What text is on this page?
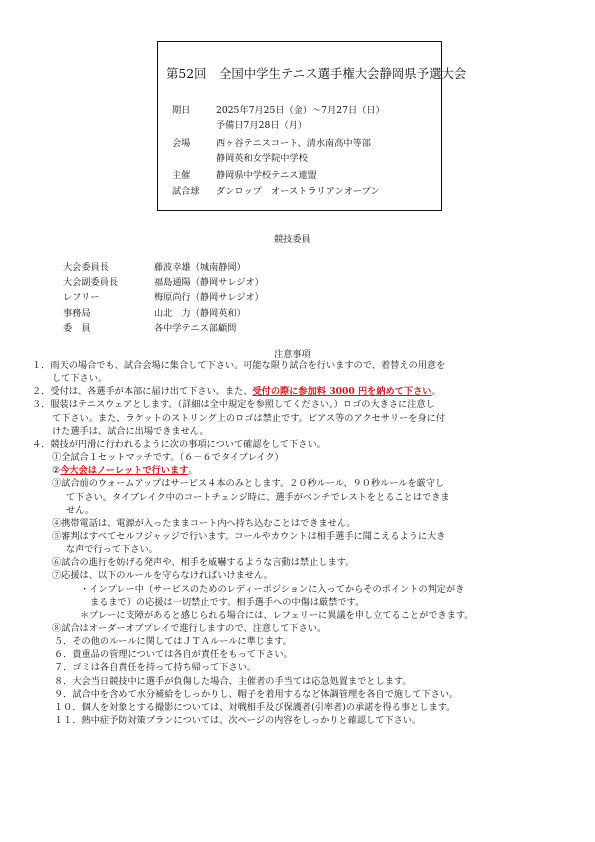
第52回　全国中学生テニス選手権大会静岡県予選大会
期日	2025年7月25日（金）～7月27日（日）
予備日7月28日（月）
会場	西ヶ谷テニスコート、清水南高中等部
静岡英和女学院中学校
主催	静岡県中学校テニス連盟
試合球 ダンロップ　オーストラリアンオープン
競技委員
大会委員長	藤波幸雄（城南静岡）
大会副委員長	福島通陽（静岡サレジオ）
レフリー	梅原尚行（静岡サレジオ）
事務局	山北　力（静岡英和）
委　員	各中学テニス部顧問
注意事項
１．雨天の場合でも、試合会場に集合して下さい。可能な限り試合を行いますので、着替えの用意を
して下さい。
２．受付は、各選手が本部に届け出て下さい。また、受付の際に参加料 3000 円を納めて下さい。
３．服装はテニスウェアとします。（詳細は全中規定を参照してください。）ロゴの大きさに注意し
て下さい。また、ラケットのストリング上のロゴは禁止です。ピアス等のアクセサリーを身に付
けた選手は、試合に出場できません。
４．競技が円滑に行われるように次の事項について確認をして下さい。
①全試合１セットマッチです。（６－６でタイブレイク）
②今大会はノーレットで行います。
③試合前のウォームアップはサービス４本のみとします。２０秒ルール、９０秒ルールを厳守し
て下さい。タイブレイク中のコートチェンジ時に、選手がベンチでレストをとることはできま
せん。
④携帯電話は、電源が入ったままコート内へ持ち込むことはできません。
⑤審判はすべてセルフジャッジで行います。コールやカウントは相手選手に聞こえるように大き
な声で行って下さい。
⑥試合の進行を妨げる発声や、相手を威嚇するような言動は禁止します。
⑦応援は、以下のルールを守らなければいけません。
・インプレー中（サービスのためのレディーポジションに入ってからそのポイントの判定がき
まるまで）の応援は一切禁止です。相手選手への中傷は厳禁です。
＊プレーに支障があると感じられる場合には、レフェリーに異議を申し立てることができます。
⑧試合はオーダーオブプレイで進行しますので、注意して下さい。
５．その他のルールに関してはＪＴＡルールに準じます。
６．貴重品の管理については各自が責任をもって下さい。
７．ゴミは各自責任を持って持ち帰って下さい。
８．大会当日競技中に選手が負傷した場合、主催者の手当ては応急処置までとします。
９．試合中を含めて水分補給をしっかりし、帽子を着用するなど体調管理を各自で施して下さい。
１０．個人を対象とする撮影については、対戦相手及び保護者(引率者)の承諾を得る事とします。
１１．熱中症予防対策プランについては、次ページの内容をしっかりと確認して下さい。
